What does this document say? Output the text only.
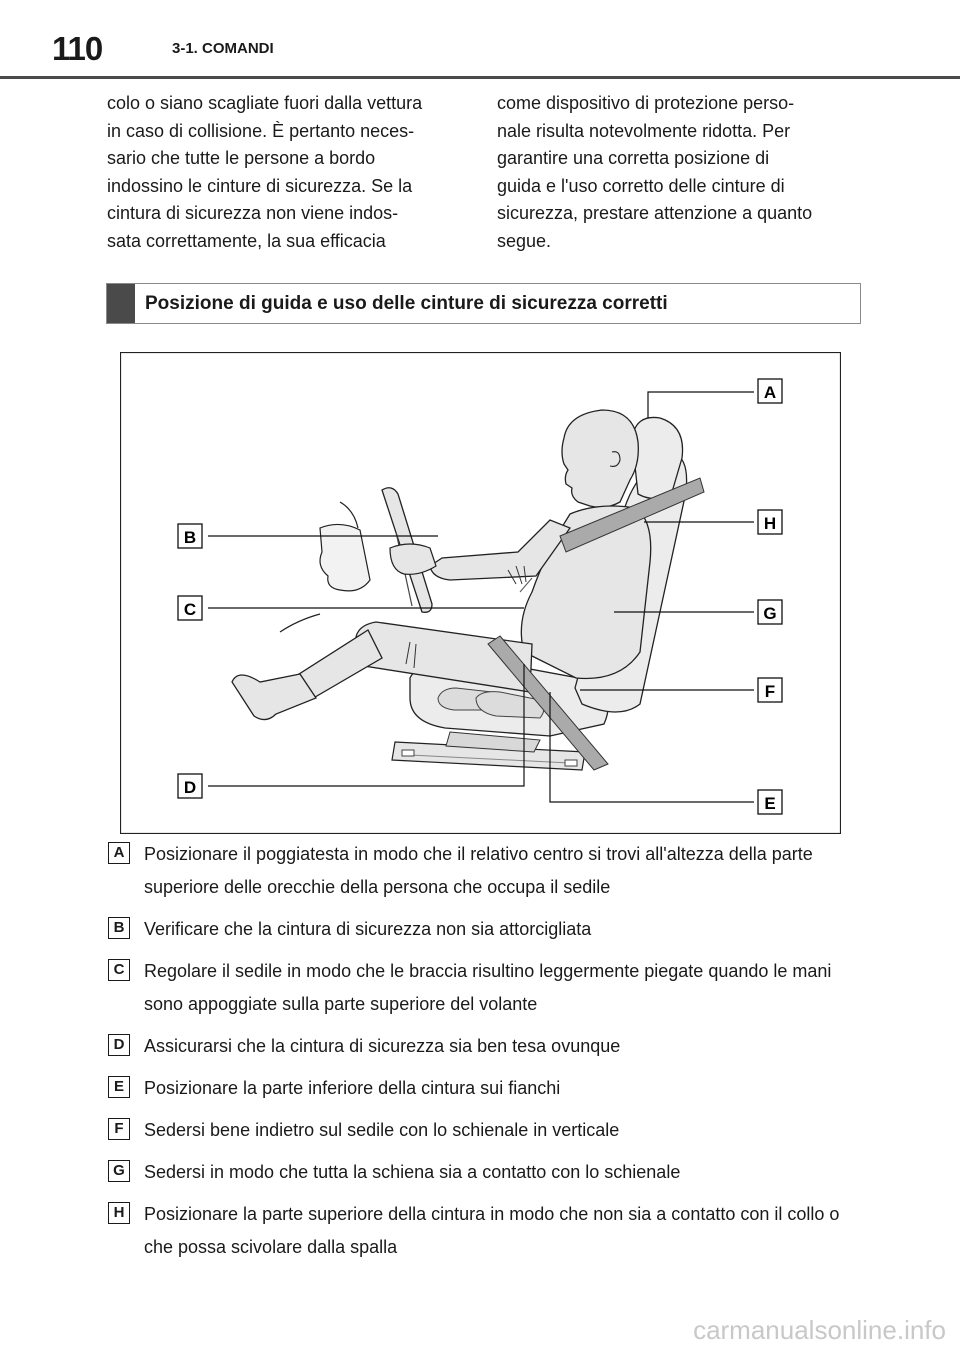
110	3-1. COMANDI
colo o siano scagliate fuori dalla vettura
in caso di collisione. È pertanto neces-
sario che tutte le persone a bordo
indossino le cinture di sicurezza. Se la
cintura di sicurezza non viene indos-
sata correttamente, la sua efficacia
come dispositivo di protezione perso-
nale risulta notevolmente ridotta. Per
garantire una corretta posizione di
guida e l'uso corretto delle cinture di
sicurezza, prestare attenzione a quanto
segue.
Posizione di guida e uso delle cinture di sicurezza corretti
A
B
C
D
E
F
G
H
A	Posizionare il poggiatesta in modo che il relativo centro si trovi all'altezza della parte superiore delle orecchie della persona che occupa il sedile
B	Verificare che la cintura di sicurezza non sia attorcigliata
C	Regolare il sedile in modo che le braccia risultino leggermente piegate quando le mani sono appoggiate sulla parte superiore del volante
D	Assicurarsi che la cintura di sicurezza sia ben tesa ovunque
E	Posizionare la parte inferiore della cintura sui fianchi
F	Sedersi bene indietro sul sedile con lo schienale in verticale
G Sedersi in modo che tutta la schiena sia a contatto con lo schienale
H	Posizionare la parte superiore della cintura in modo che non sia a contatto con il collo o che possa scivolare dalla spalla
carmanualsonline.info
